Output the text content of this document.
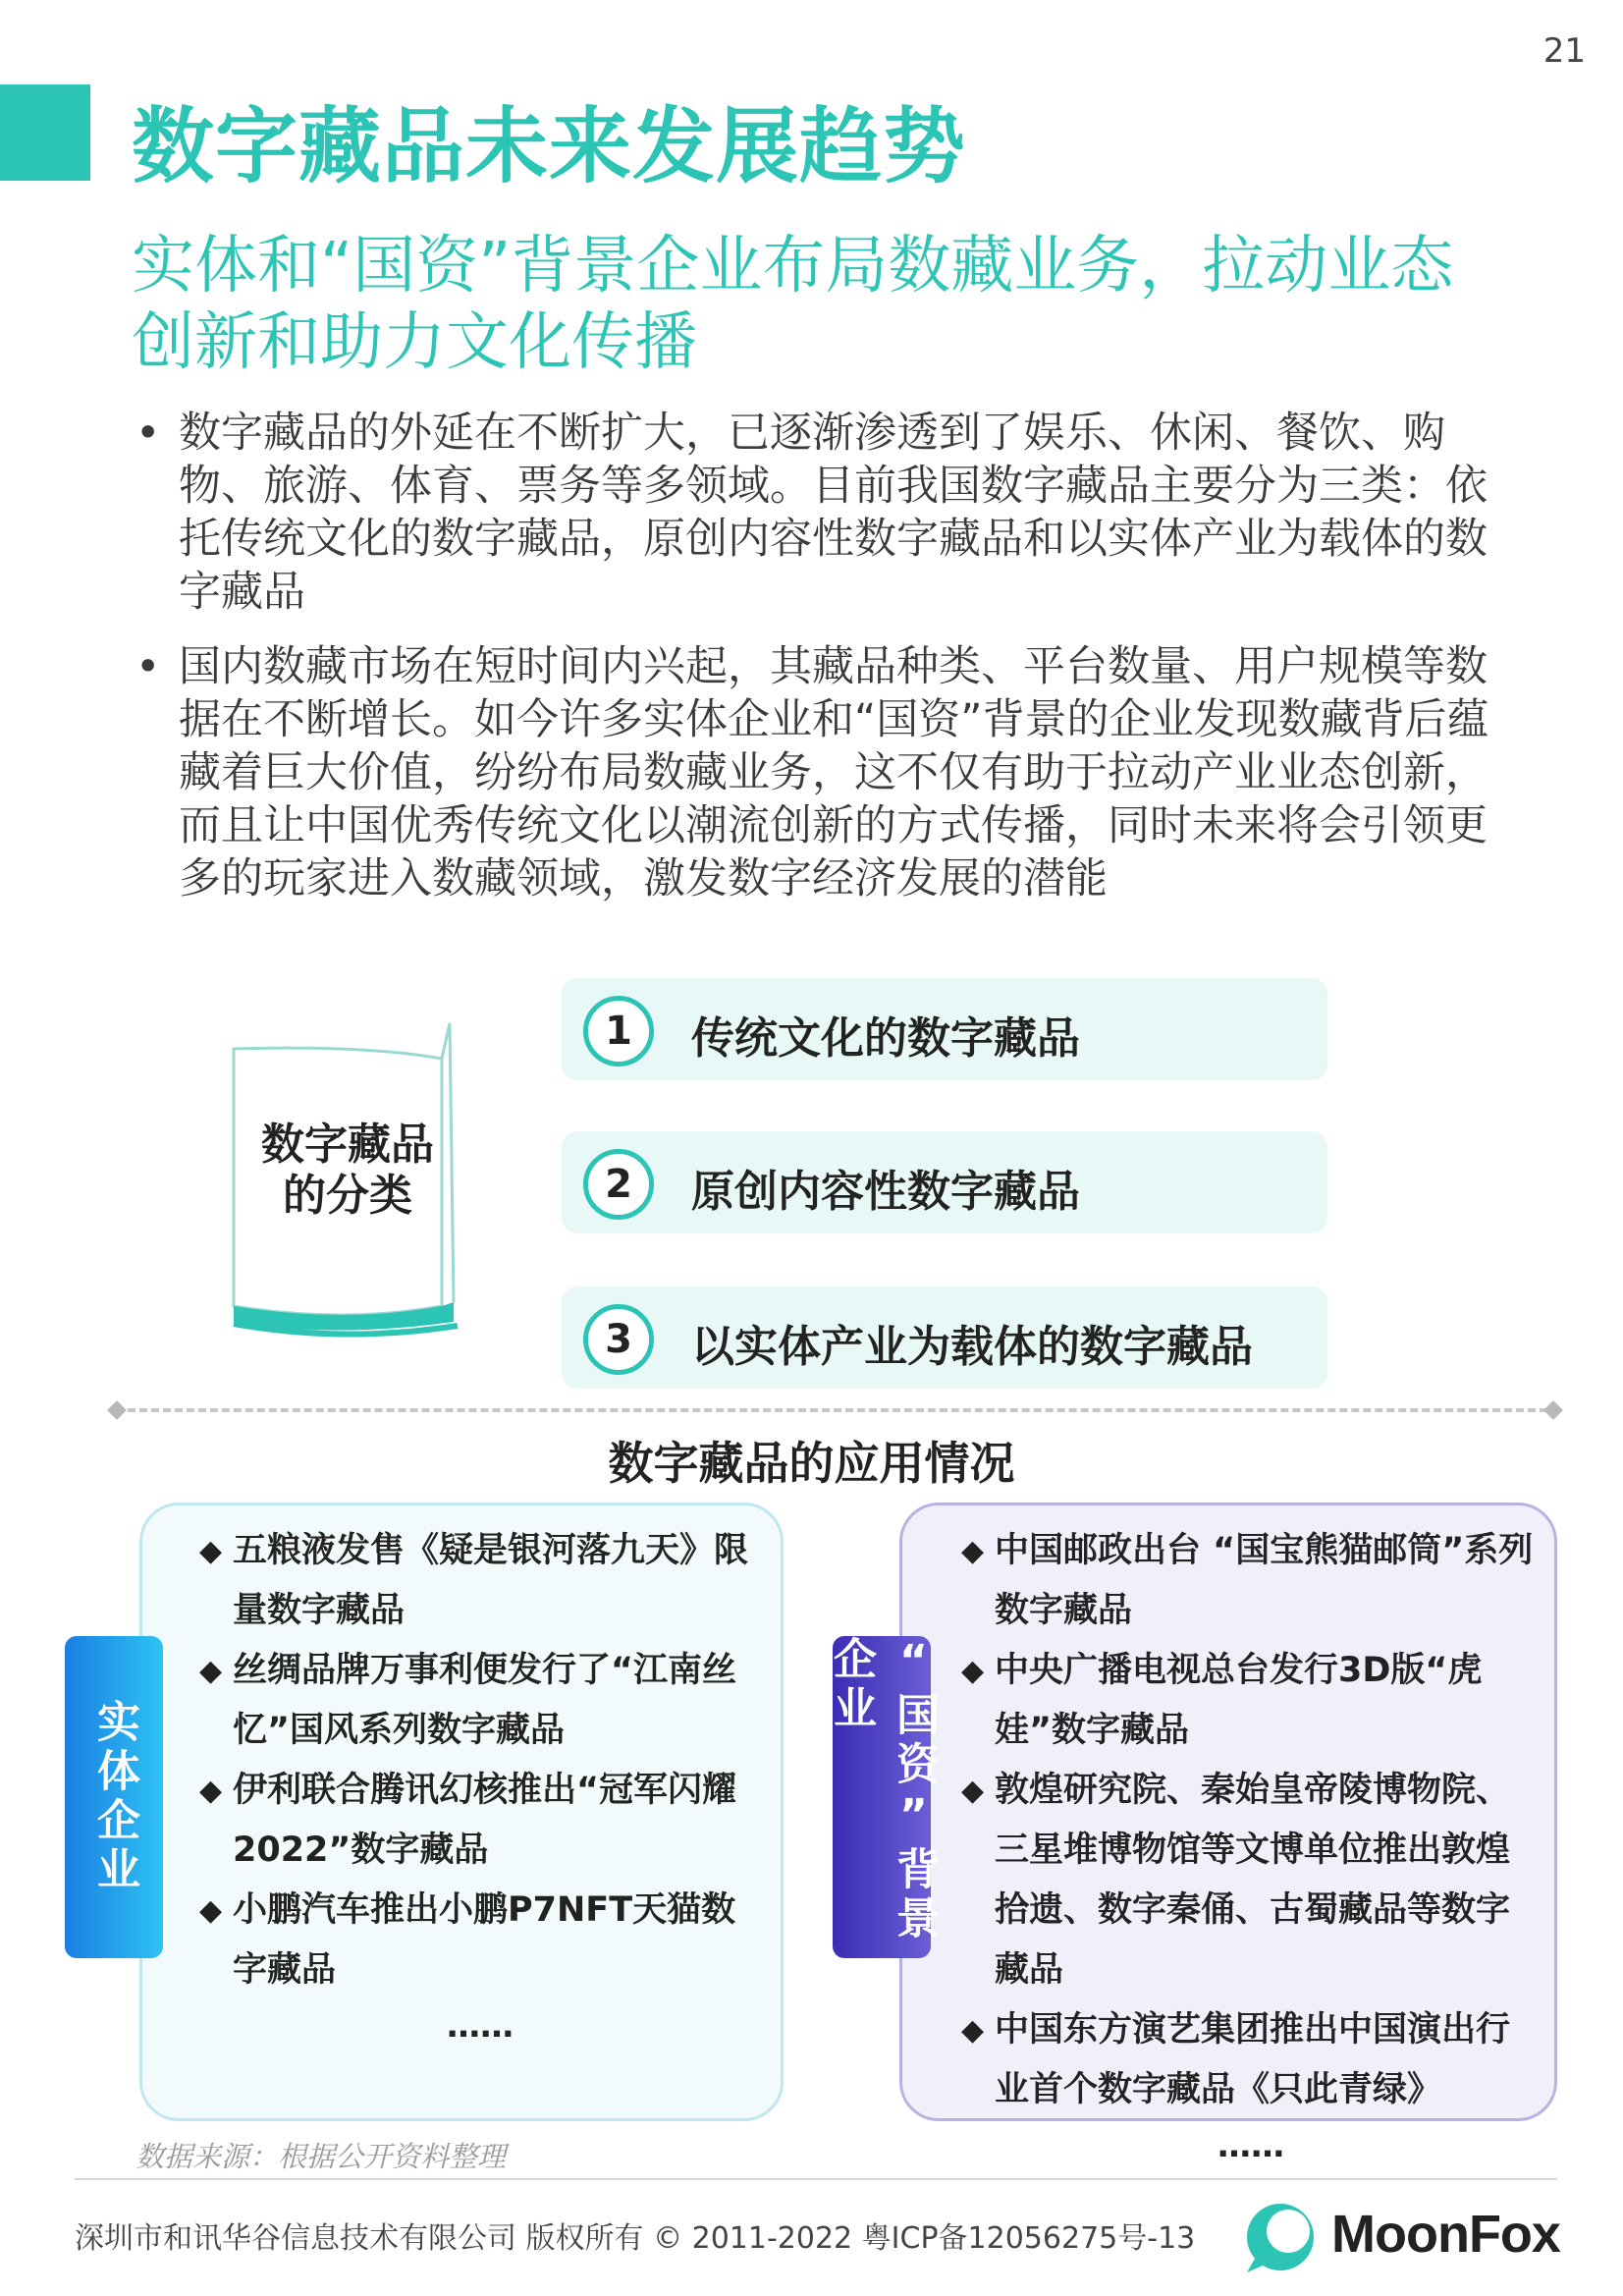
21
数字藏品未来发展趋势
实体和“国资”背景企业布局数藏业务，拉动业态创新和助力文化传播
• 数字藏品的外延在不断扩大，已逐渐渗透到了娱乐、休闲、餐饮、购物、旅游、体育、票务等多领域。目前我国数字藏品主要分为三类：依托传统文化的数字藏品，原创内容性数字藏品和以实体产业为载体的数字藏品
• 国内数藏市场在短时间内兴起，其藏品种类、平台数量、用户规模等数据在不断增长。如今许多实体企业和“国资”背景的企业发现数藏背后蕴藏着巨大价值，纷纷布局数藏业务，这不仅有助于拉动产业业态创新，而且让中国优秀传统文化以潮流创新的方式传播，同时未来将会引领更多的玩家进入数藏领域，激发数字经济发展的潜能
数字藏品
的分类
1	传统文化的数字藏品
2	原创内容性数字藏品
3	以实体产业为载体的数字藏品
数字藏品的应用情况
◆ 五粮液发售《疑是银河落九天》限量数字藏品
◆ 丝绸品牌万事利便发行了“江南丝忆”国风系列数字藏品
◆ 伊利联合腾讯幻核推出“冠军闪耀2022”数字藏品
◆ 小鹏汽车推出小鹏P7NFT天猫数字藏品
……
◆ 中国邮政出台 “国宝熊猫邮筒”系列数字藏品
◆ 中央广播电视总台发行3D版“虎娃”数字藏品
◆ 敦煌研究院、秦始皇帝陵博物院、三星堆博物馆等文博单位推出敦煌拾遗、数字秦俑、古蜀藏品等数字藏品
◆ 中国东方演艺集团推出中国演出行业首个数字藏品《只此青绿》
……
实体企业	“国资”背景企业
数据来源：根据公开资料整理
深圳市和讯华谷信息技术有限公司 版权所有 © 2011-2022 粤ICP备12056275号-13	MoonFox
